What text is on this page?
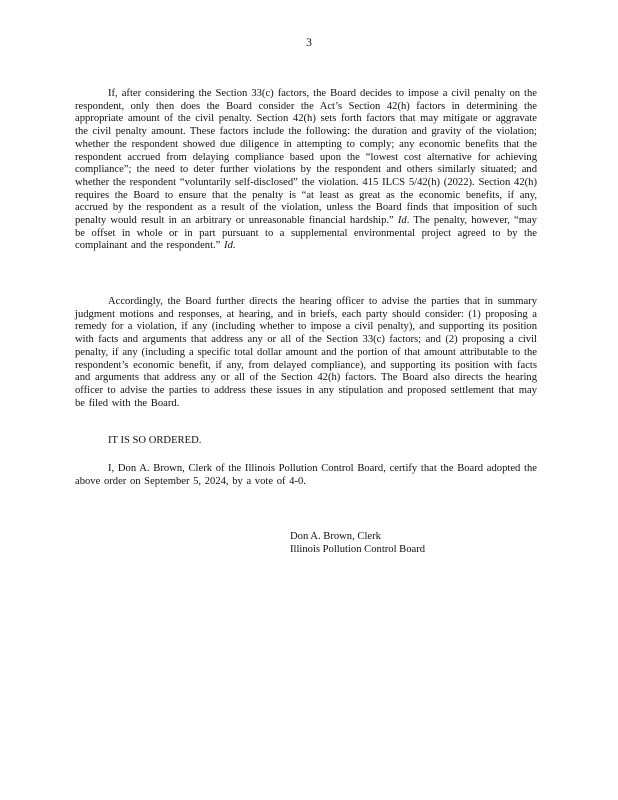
3

If, after considering the Section 33(c) factors, the Board decides to impose a civil penalty on the respondent, only then does the Board consider the Act’s Section 42(h) factors in determining the appropriate amount of the civil penalty. Section 42(h) sets forth factors that may mitigate or aggravate the civil penalty amount. These factors include the following: the duration and gravity of the violation; whether the respondent showed due diligence in attempting to comply; any economic benefits that the respondent accrued from delaying compliance based upon the “lowest cost alternative for achieving compliance”; the need to deter further violations by the respondent and others similarly situated; and whether the respondent “voluntarily self-disclosed” the violation. 415 ILCS 5/42(h) (2022). Section 42(h) requires the Board to ensure that the penalty is “at least as great as the economic benefits, if any, accrued by the respondent as a result of the violation, unless the Board finds that imposition of such penalty would result in an arbitrary or unreasonable financial hardship.” Id. The penalty, however, “may be offset in whole or in part pursuant to a supplemental environmental project agreed to by the complainant and the respondent.” Id.

Accordingly, the Board further directs the hearing officer to advise the parties that in summary judgment motions and responses, at hearing, and in briefs, each party should consider: (1) proposing a remedy for a violation, if any (including whether to impose a civil penalty), and supporting its position with facts and arguments that address any or all of the Section 33(c) factors; and (2) proposing a civil penalty, if any (including a specific total dollar amount and the portion of that amount attributable to the respondent’s economic benefit, if any, from delayed compliance), and supporting its position with facts and arguments that address any or all of the Section 42(h) factors. The Board also directs the hearing officer to advise the parties to address these issues in any stipulation and proposed settlement that may be filed with the Board.

IT IS SO ORDERED.

I, Don A. Brown, Clerk of the Illinois Pollution Control Board, certify that the Board adopted the above order on September 5, 2024, by a vote of 4-0.

Don A. Brown, Clerk
Illinois Pollution Control Board
